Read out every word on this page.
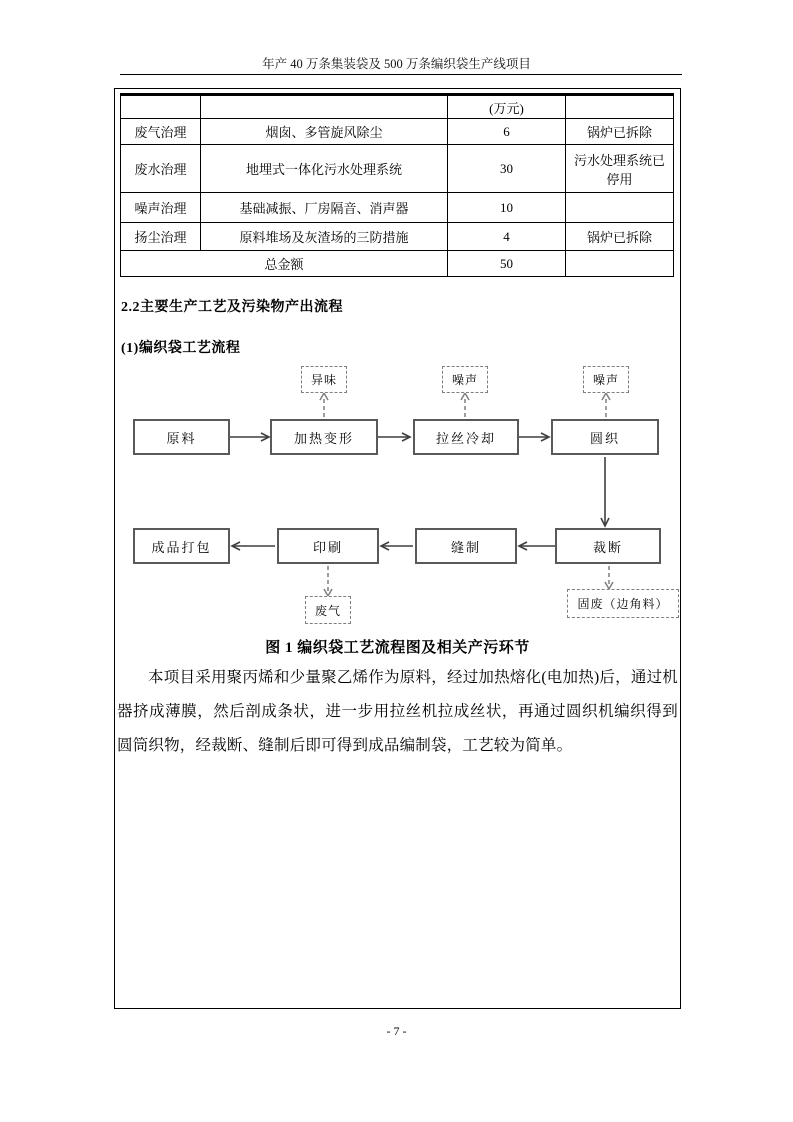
年产 40 万条集装袋及 500 万条编织袋生产线项目
		(万元)	
废气治理	烟囱、多管旋风除尘	6	锅炉已拆除
废水治理	地埋式一体化污水处理系统	30	污水处理系统已停用
噪声治理	基础减振、厂房隔音、消声器	10	
扬尘治理	原料堆场及灰渣场的三防措施	4	锅炉已拆除
总金额		50	
2.2主要生产工艺及污染物产出流程
(1)编织袋工艺流程
原料	加热变形	拉丝冷却	圆织
成品打包	印刷	缝制	裁断
异味	噪声	噪声
废气	固废（边角料）
图 1 编织袋工艺流程图及相关产污环节
本项目采用聚丙烯和少量聚乙烯作为原料，经过加热熔化(电加热)后，通过机器挤成薄膜，然后剖成条状，进一步用拉丝机拉成丝状，再通过圆织机编织得到圆筒织物，经裁断、缝制后即可得到成品编制袋，工艺较为简单。
- 7 -
